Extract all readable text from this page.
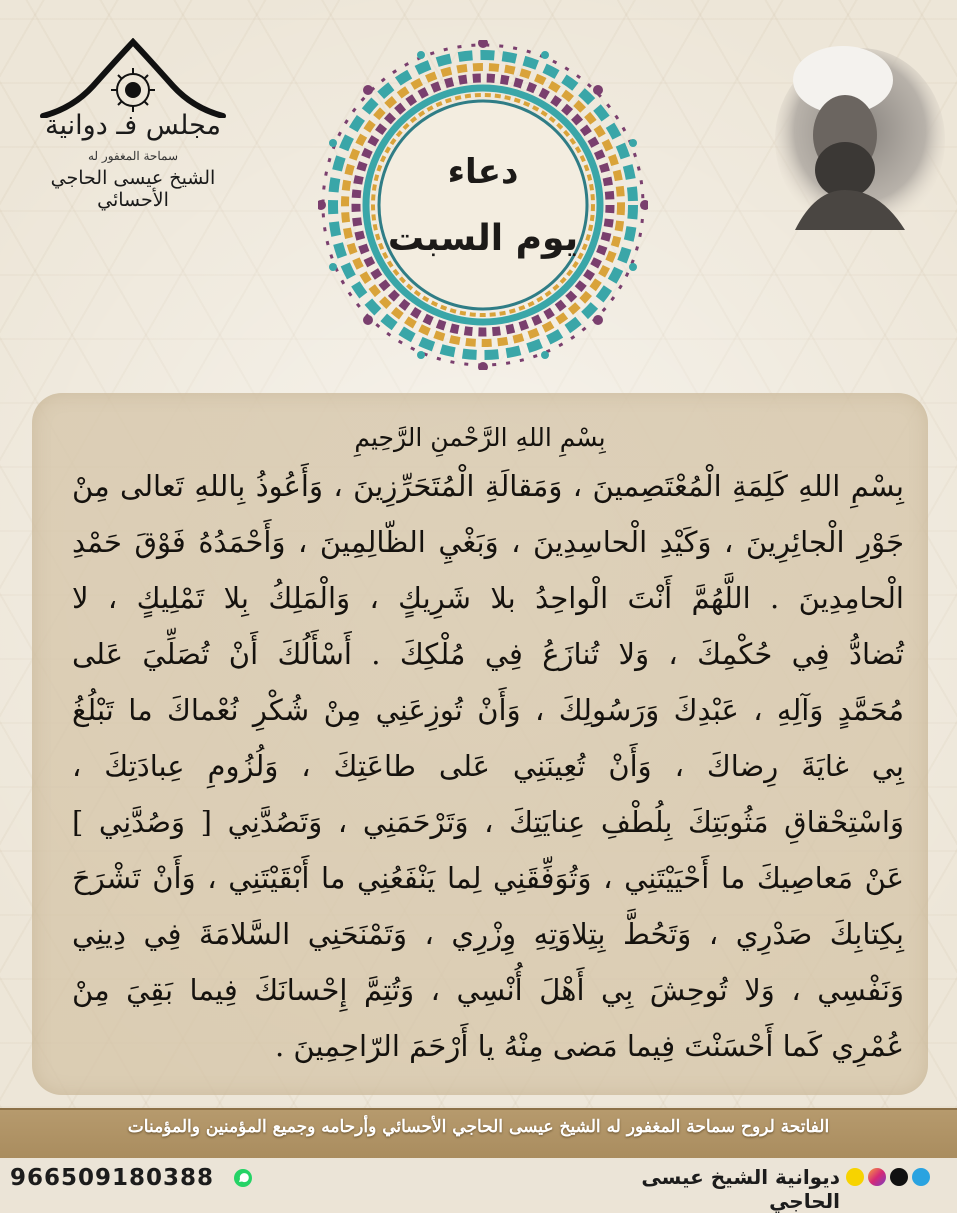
مجلس فـ دوانية
سماحة المغفور له
الشيخ عيسى الحاجي الأحسائي
دعاء
يوم السبت
بِسْمِ اللهِ الرَّحْمنِ الرَّحِيمِ
بِسْمِ اللهِ كَلِمَةِ الْمُعْتَصِمينَ ، وَمَقالَةِ الْمُتَحَرِّزِينَ ، وَأَعُوذُ بِاللهِ تَعالى مِنْ
جَوْرِ الْجائِرِينَ ، وَكَيْدِ الْحاسِدِينَ ، وَبَغْيِ الظّالِمِينَ ، وَأَحْمَدُهُ فَوْقَ حَمْدِ
الْحامِدِينَ . اللَّهُمَّ أَنْتَ الْواحِدُ بلا شَرِيكٍ ، وَالْمَلِكُ بِلا تَمْلِيكٍ ، لا
تُضادُّ فِي حُكْمِكَ ، وَلا تُنازَعُ فِي مُلْكِكَ . أَسْأَلُكَ أَنْ تُصَلِّيَ عَلى
مُحَمَّدٍ وَآلِهِ ، عَبْدِكَ وَرَسُولِكَ ، وَأَنْ تُوزِعَنِي مِنْ شُكْرِ نُعْماكَ ما تَبْلُغُ
بِي غايَةَ رِضاكَ ، وَأَنْ تُعِينَنِي عَلى طاعَتِكَ ، وَلُزُومِ عِبادَتِكَ ،
وَاسْتِحْقاقِ مَثُوبَتِكَ بِلُطْفِ عِنايَتِكَ ، وَتَرْحَمَنِي ، وَتَصُدَّنِي [ وَصُدَّنِي ]
عَنْ مَعاصِيكَ ما أَحْيَيْتَنِي ، وَتُوَفِّقَنِي لِما يَنْفَعُنِي ما أَبْقَيْتَنِي ، وَأَنْ تَشْرَحَ
بِكِتابِكَ صَدْرِي ، وَتَحُطَّ بِتِلاوَتِهِ وِزْرِي ، وَتَمْنَحَنِي السَّلامَةَ فِي دِينِي
وَنَفْسِي ، وَلا تُوحِشَ بِي أَهْلَ أُنْسِي ، وَتُتِمَّ إِحْسانَكَ فِيما بَقِيَ مِنْ
عُمْرِي كَما أَحْسَنْتَ فِيما مَضى مِنْهُ يا أَرْحَمَ الرّاحِمِينَ .
الفاتحة لروح سماحة المغفور له الشيخ عيسى الحاجي الأحسائي وأرحامه وجميع المؤمنين والمؤمنات
966509180388	ديوانية الشيخ عيسى الحاجي
